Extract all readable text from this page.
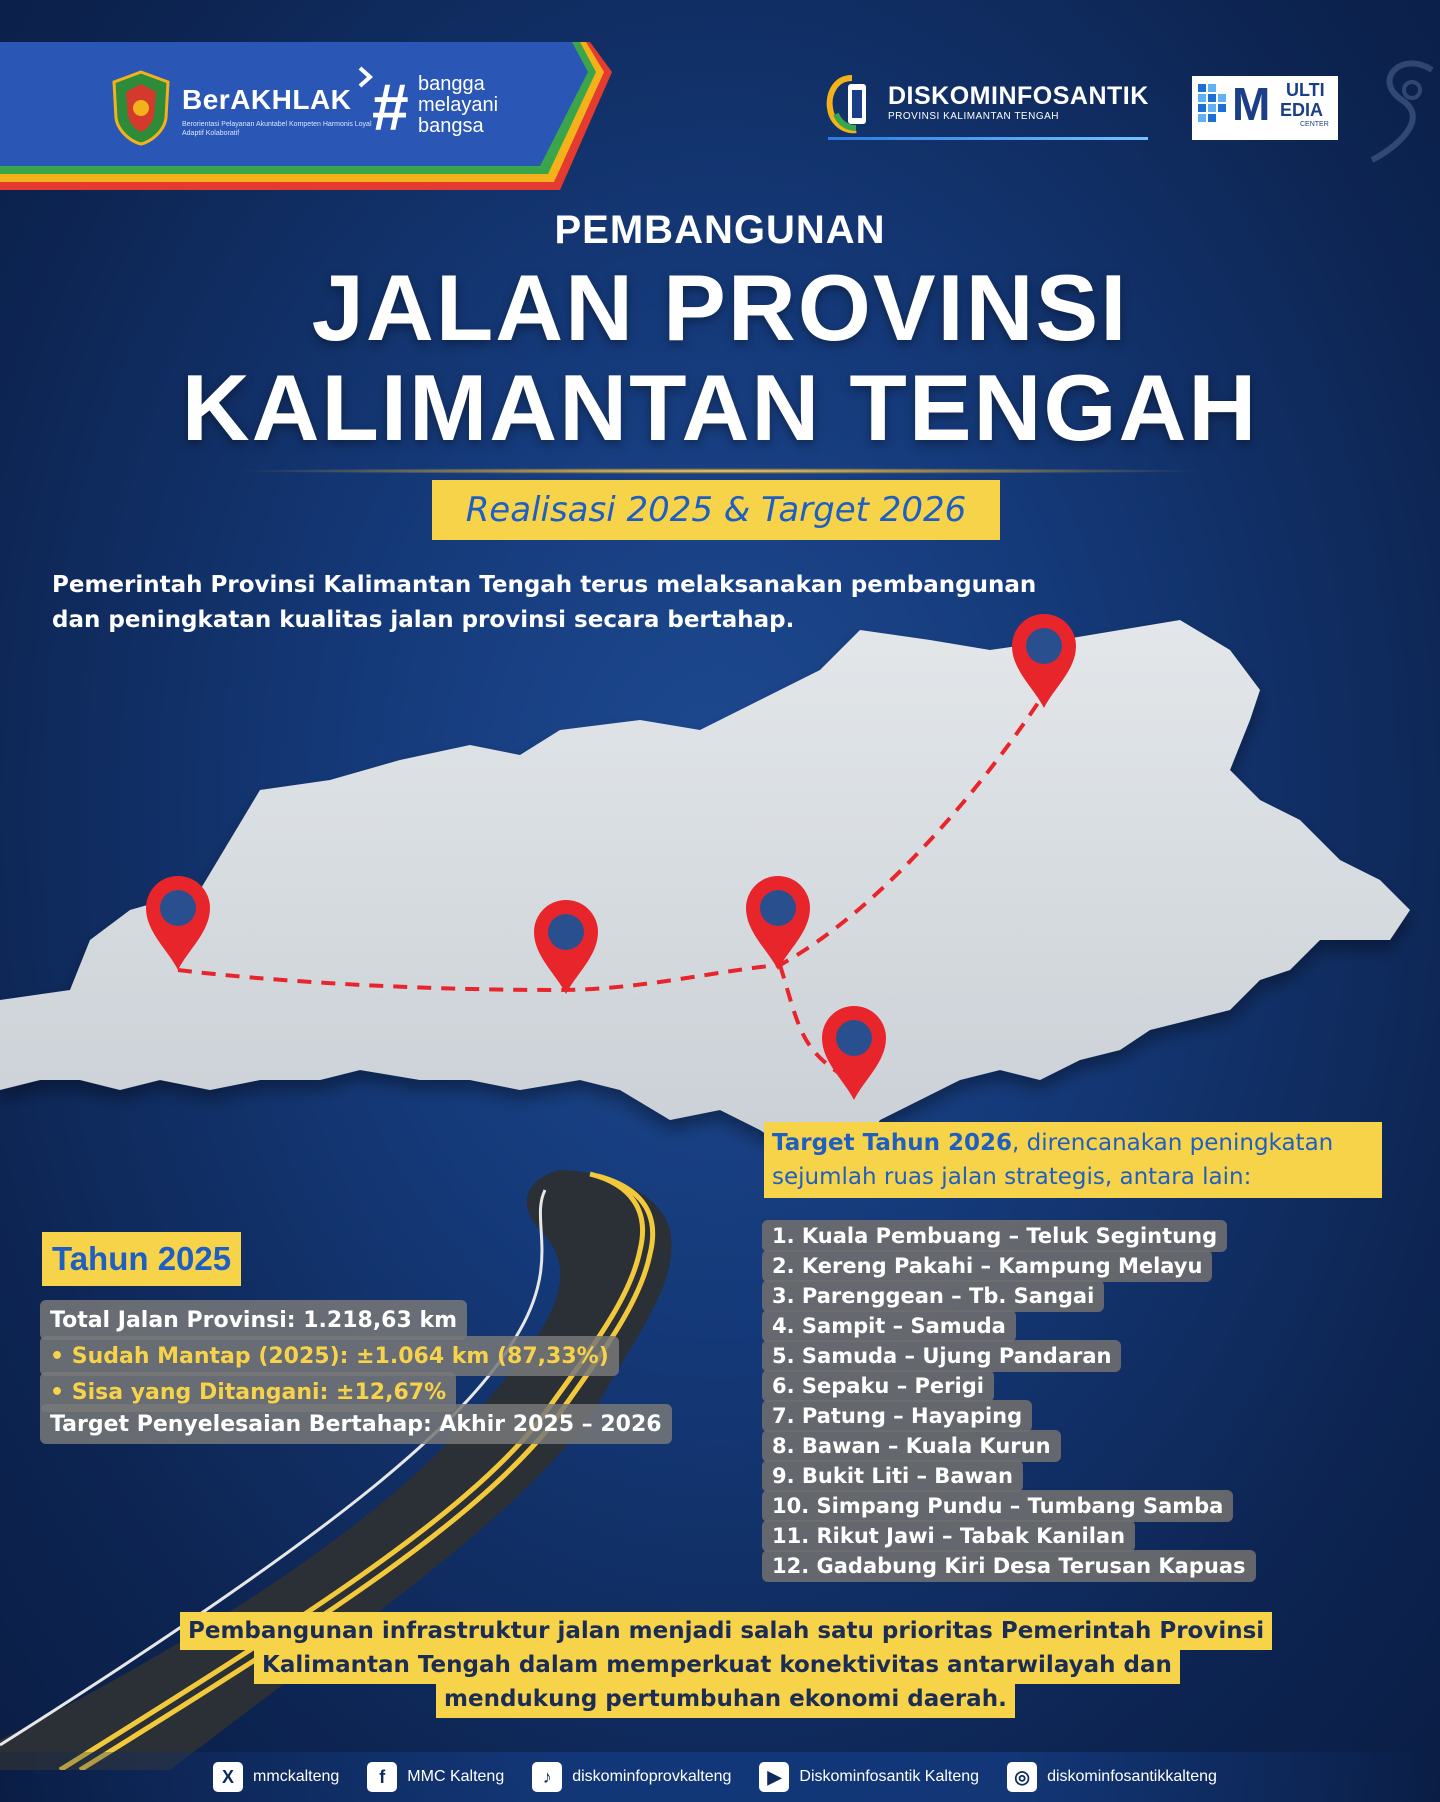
BerAKHLAK
Berorientasi Pelayanan Akuntabel Kompeten Harmonis Loyal Adaptif Kolaboratif	# bangga
melayani
bangsa
DISKOMINFOSANTIK
PROVINSI KALIMANTAN TENGAH	M ULTI
EDIA
CENTER
PROVINSI KALIMANTAN TENGAH
PEMBANGUNAN
JALAN PROVINSI
KALIMANTAN TENGAH
Realisasi 2025 & Target 2026
Pemerintah Provinsi Kalimantan Tengah terus melaksanakan pembangunan dan peningkatan kualitas jalan provinsi secara bertahap.
Tahun 2025
Total Jalan Provinsi: 1.218,63 km
• Sudah Mantap (2025): ±1.064 km (87,33%)
• Sisa yang Ditangani: ±12,67%
Target Penyelesaian Bertahap: Akhir 2025 – 2026
Target Tahun 2026, direncanakan peningkatan
sejumlah ruas jalan strategis, antara lain:
1. Kuala Pembuang – Teluk Segintung
2. Kereng Pakahi – Kampung Melayu
3. Parenggean – Tb. Sangai
4. Sampit – Samuda
5. Samuda – Ujung Pandaran
6. Sepaku – Perigi
7. Patung – Hayaping
8. Bawan – Kuala Kurun
9. Bukit Liti – Bawan
10. Simpang Pundu – Tumbang Samba
11. Rikut Jawi – Tabak Kanilan
12. Gadabung Kiri Desa Terusan Kapuas
Pembangunan infrastruktur jalan menjadi salah satu prioritas Pemerintah Provinsi
Kalimantan Tengah dalam memperkuat konektivitas antarwilayah dan
mendukung pertumbuhan ekonomi daerah.
X	mmckalteng	f	MMC Kalteng	♪	diskominfoprovkalteng	▶	Diskominfosantik Kalteng	◎	diskominfosantikkalteng
